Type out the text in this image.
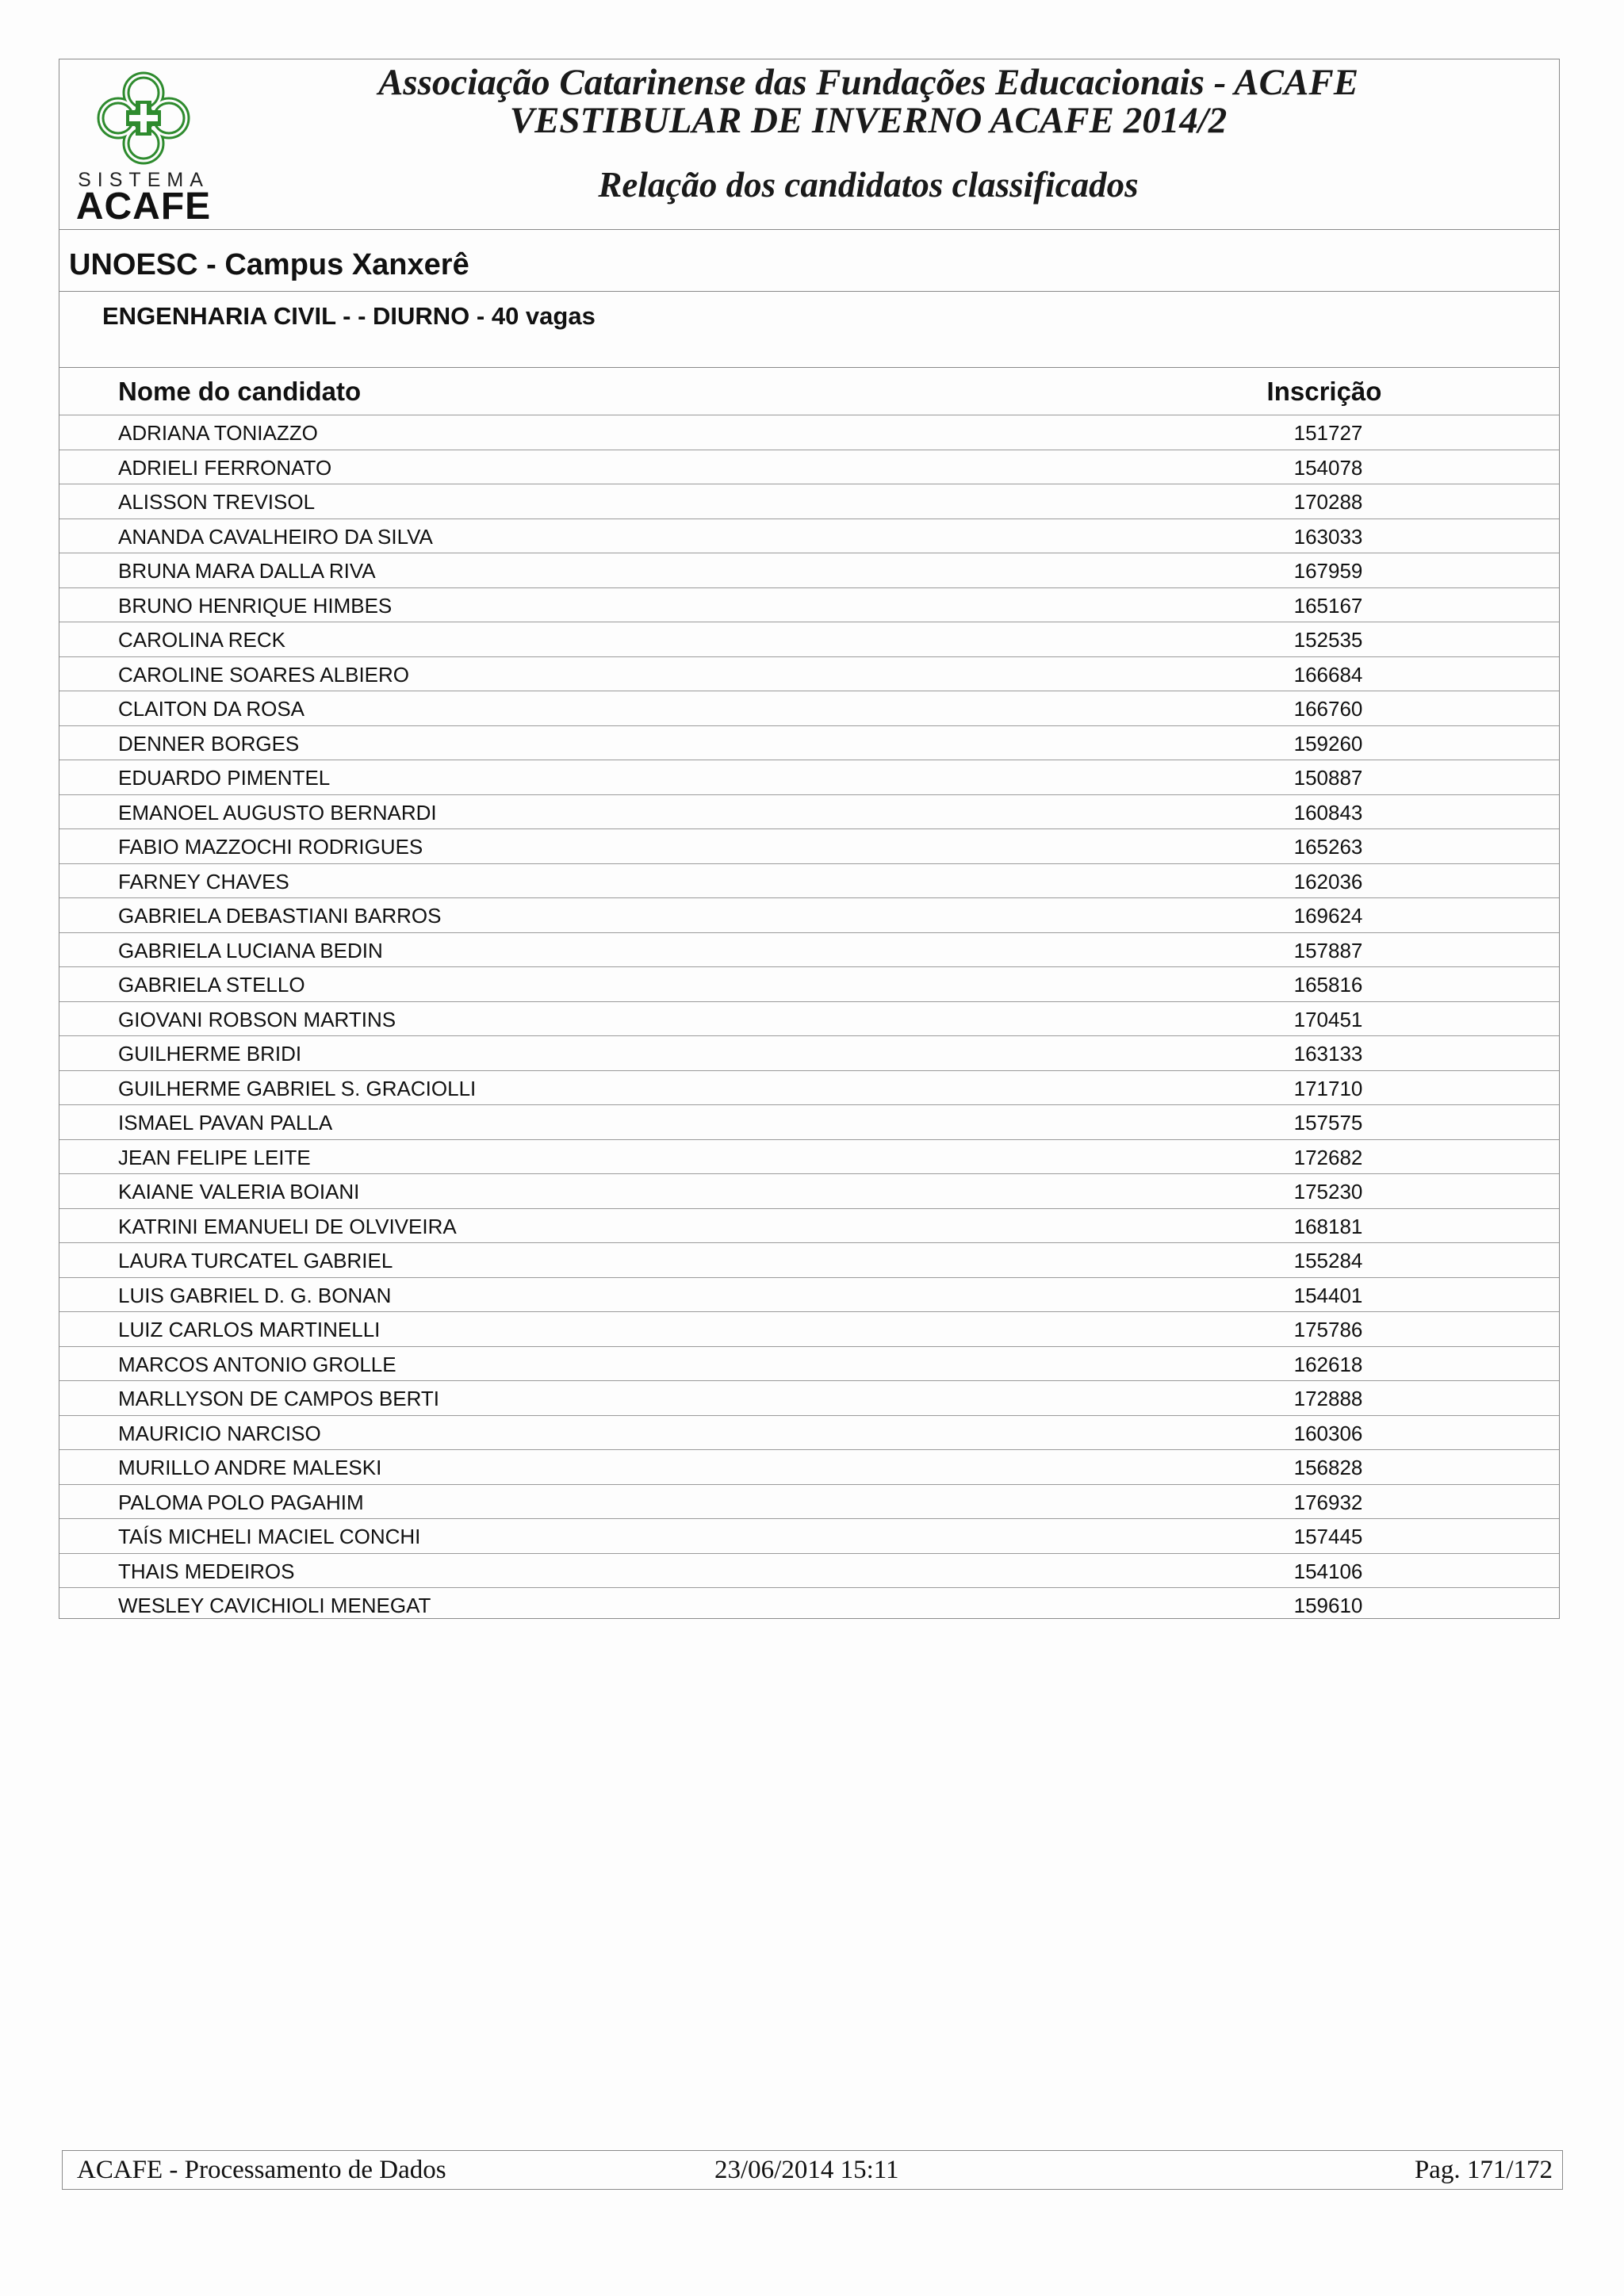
SISTEMA
ACAFE
Associação Catarinense das Fundações Educacionais - ACAFE
VESTIBULAR DE INVERNO ACAFE 2014/2
Relação dos candidatos classificados
UNOESC - Campus Xanxerê
ENGENHARIA CIVIL - - DIURNO - 40 vagas
Nome do candidato	Inscrição
ADRIANA TONIAZZO	151727
ADRIELI FERRONATO	154078
ALISSON TREVISOL	170288
ANANDA CAVALHEIRO DA SILVA	163033
BRUNA MARA DALLA RIVA	167959
BRUNO HENRIQUE HIMBES	165167
CAROLINA RECK	152535
CAROLINE SOARES ALBIERO	166684
CLAITON DA ROSA	166760
DENNER BORGES	159260
EDUARDO PIMENTEL	150887
EMANOEL AUGUSTO BERNARDI	160843
FABIO MAZZOCHI RODRIGUES	165263
FARNEY CHAVES	162036
GABRIELA DEBASTIANI BARROS	169624
GABRIELA LUCIANA BEDIN	157887
GABRIELA STELLO	165816
GIOVANI ROBSON MARTINS	170451
GUILHERME BRIDI	163133
GUILHERME GABRIEL S. GRACIOLLI	171710
ISMAEL PAVAN PALLA	157575
JEAN FELIPE LEITE	172682
KAIANE VALERIA BOIANI	175230
KATRINI EMANUELI DE OLVIVEIRA	168181
LAURA TURCATEL GABRIEL	155284
LUIS GABRIEL D. G. BONAN	154401
LUIZ CARLOS MARTINELLI	175786
MARCOS ANTONIO GROLLE	162618
MARLLYSON DE CAMPOS BERTI	172888
MAURICIO NARCISO	160306
MURILLO ANDRE MALESKI	156828
PALOMA POLO PAGAHIM	176932
TAÍS MICHELI MACIEL CONCHI	157445
THAIS MEDEIROS	154106
WESLEY CAVICHIOLI MENEGAT	159610
ACAFE - Processamento de Dados	23/06/2014 15:11	Pag. 171/172
